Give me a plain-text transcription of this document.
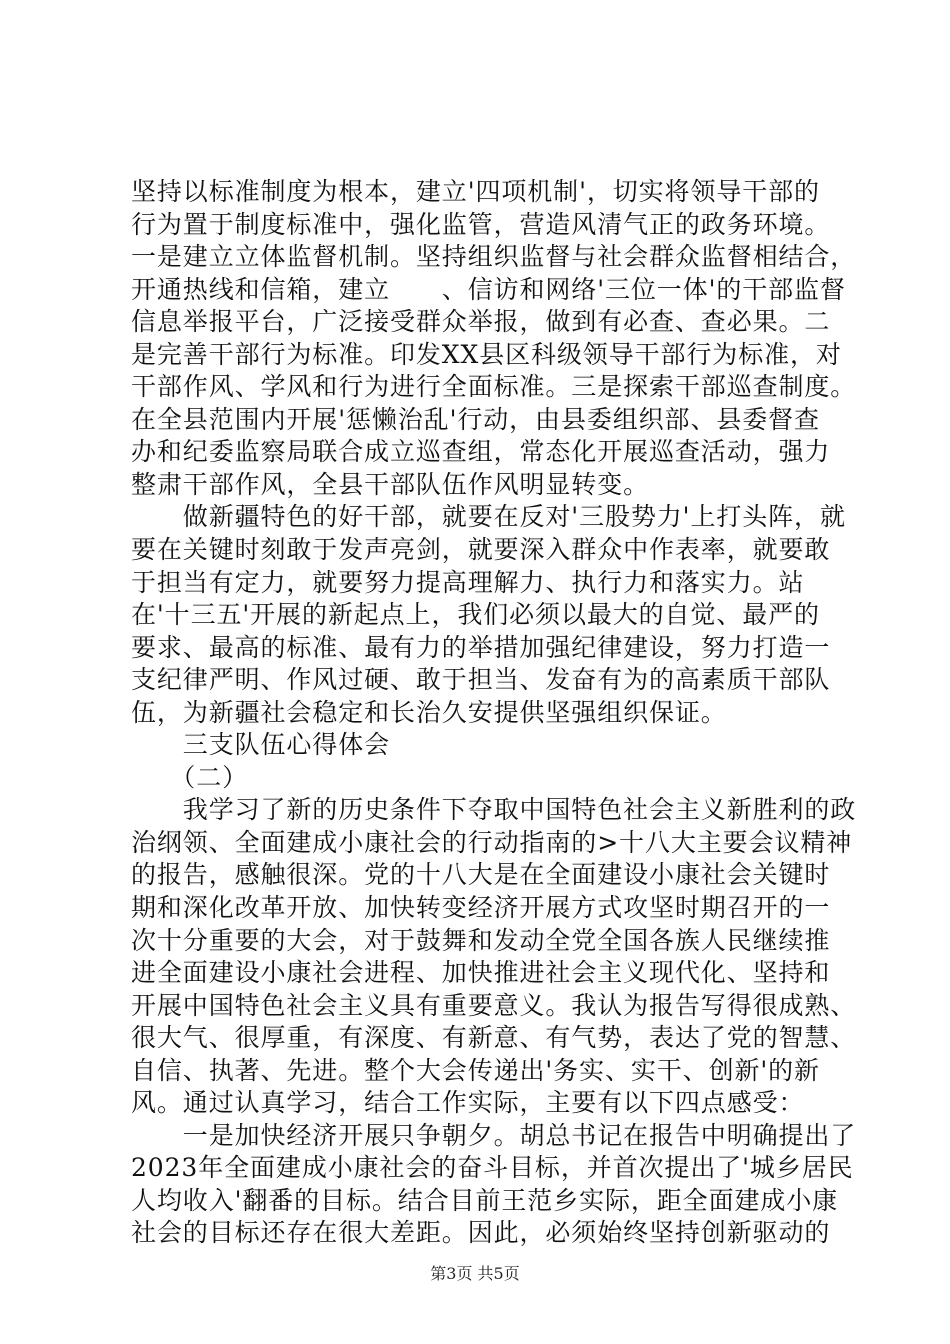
坚持以标准制度为根本，建立'四项机制'，切实将领导干部的
行为置于制度标准中，强化监管，营造风清气正的政务环境。
一是建立立体监督机制。坚持组织监督与社会群众监督相结合，
开通热线和信箱，建立　　、信访和网络'三位一体'的干部监督
信息举报平台，广泛接受群众举报，做到有必查、查必果。二
是完善干部行为标准。印发XX县区科级领导干部行为标准，对
干部作风、学风和行为进行全面标准。三是探索干部巡查制度。
在全县范围内开展'惩懒治乱'行动，由县委组织部、县委督查
办和纪委监察局联合成立巡查组，常态化开展巡查活动，强力
整肃干部作风，全县干部队伍作风明显转变。
　　做新疆特色的好干部，就要在反对'三股势力'上打头阵，就
要在关键时刻敢于发声亮剑，就要深入群众中作表率，就要敢
于担当有定力，就要努力提高理解力、执行力和落实力。站
在'十三五'开展的新起点上，我们必须以最大的自觉、最严的
要求、最高的标准、最有力的举措加强纪律建设，努力打造一
支纪律严明、作风过硬、敢于担当、发奋有为的高素质干部队
伍，为新疆社会稳定和长治久安提供坚强组织保证。
　　三支队伍心得体会
　　（二）
　　我学习了新的历史条件下夺取中国特色社会主义新胜利的政
治纲领、全面建成小康社会的行动指南的>十八大主要会议精神
的报告，感触很深。党的十八大是在全面建设小康社会关键时
期和深化改革开放、加快转变经济开展方式攻坚时期召开的一
次十分重要的大会，对于鼓舞和发动全党全国各族人民继续推
进全面建设小康社会进程、加快推进社会主义现代化、坚持和
开展中国特色社会主义具有重要意义。我认为报告写得很成熟、
很大气、很厚重，有深度、有新意、有气势，表达了党的智慧、
自信、执著、先进。整个大会传递出'务实、实干、创新'的新
风。通过认真学习，结合工作实际，主要有以下四点感受：
　　一是加快经济开展只争朝夕。胡总书记在报告中明确提出了
2023年全面建成小康社会的奋斗目标，并首次提出了'城乡居民
第3页 共5页
人均收入'翻番的目标。结合目前王范乡实际，距全面建成小康
社会的目标还存在很大差距。因此，必须始终坚持创新驱动的
